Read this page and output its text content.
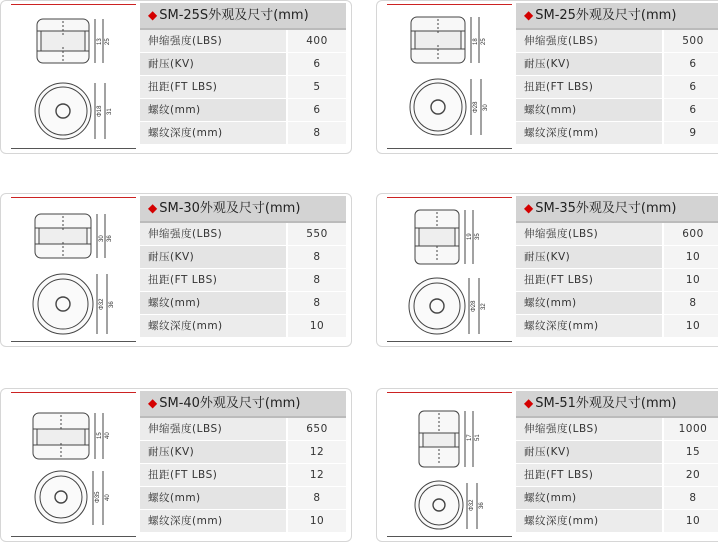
13 25
Φ18 31
◆ SM-25S外观及尺寸(mm)
伸缩强度(LBS)	400
耐压(KV)	6
扭距(FT LBS)	5
螺纹(mm)	6
螺纹深度(mm)	8
18 25
Φ28 30
◆ SM-25外观及尺寸(mm)
伸缩强度(LBS)	500
耐压(KV)	6
扭距(FT LBS)	6
螺纹(mm)	6
螺纹深度(mm)	9
30 36
Φ32 36
◆ SM-30外观及尺寸(mm)
伸缩强度(LBS)	550
耐压(KV)	8
扭距(FT LBS)	8
螺纹(mm)	8
螺纹深度(mm)	10
19 35
Φ28 32
◆ SM-35外观及尺寸(mm)
伸缩强度(LBS)	600
耐压(KV)	10
扭距(FT LBS)	10
螺纹(mm)	8
螺纹深度(mm)	10
15 40
Φ35 40
◆ SM-40外观及尺寸(mm)
伸缩强度(LBS)	650
耐压(KV)	12
扭距(FT LBS)	12
螺纹(mm)	8
螺纹深度(mm)	10
17 51
Φ32 36
◆ SM-51外观及尺寸(mm)
伸缩强度(LBS)	1000
耐压(KV)	15
扭距(FT LBS)	20
螺纹(mm)	8
螺纹深度(mm)	10
